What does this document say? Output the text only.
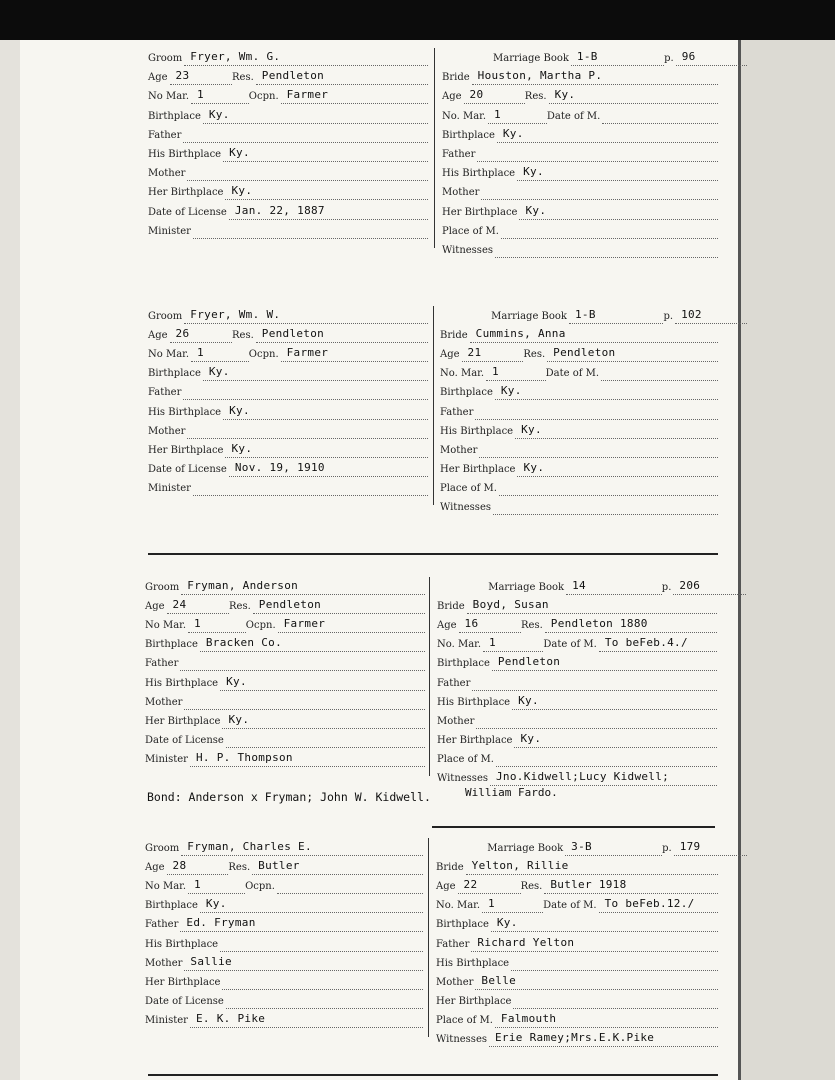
Groom Fryer, Wm. G.
Age 23	Res. Pendleton
No Mar. 1	Ocpn. Farmer
Birthplace Ky.
Father
His Birthplace Ky.
Mother
Her Birthplace Ky.
Date of License Jan. 22, 1887
Minister
Marriage Book 1-B	p. 96
Bride Houston, Martha P.
Age 20	Res. Ky.
No. Mar. 1	Date of M.
Birthplace Ky.
Father
His Birthplace Ky.
Mother
Her Birthplace Ky.
Place of M.
Witnesses
Groom Fryer, Wm. W.
Age 26	Res. Pendleton
No Mar. 1	Ocpn. Farmer
Birthplace Ky.
Father
His Birthplace Ky.
Mother
Her Birthplace Ky.
Date of License Nov. 19, 1910
Minister
Marriage Book 1-B	p. 102
Bride Cummins, Anna
Age 21	Res. Pendleton
No. Mar. 1	Date of M.
Birthplace Ky.
Father
His Birthplace Ky.
Mother
Her Birthplace Ky.
Place of M.
Witnesses
Groom Fryman, Anderson
Age 24	Res. Pendleton
No Mar. 1	Ocpn. Farmer
Birthplace Bracken Co.
Father
His Birthplace Ky.
Mother
Her Birthplace Ky.
Date of License
Minister H. P. Thompson
Marriage Book 14	p. 206
Bride Boyd, Susan
Age 16	Res. Pendleton 1880
No. Mar. 1	Date of M. To beFeb.4./
Birthplace Pendleton
Father
His Birthplace Ky.
Mother
Her Birthplace Ky.
Place of M.
Witnesses Jno.Kidwell;Lucy Kidwell;
William Fardo.
Groom Fryman, Charles E.
Age 28	Res. Butler
No Mar. 1	Ocpn.
Birthplace Ky.
Father Ed. Fryman
His Birthplace
Mother Sallie
Her Birthplace
Date of License
Minister E. K. Pike
Marriage Book 3-B	p. 179
Bride Yelton, Rillie
Age 22	Res. Butler 1918
No. Mar. 1	Date of M. To beFeb.12./
Birthplace Ky.
Father Richard Yelton
His Birthplace
Mother Belle
Her Birthplace
Place of M. Falmouth
Witnesses Erie Ramey;Mrs.E.K.Pike
Bond: Anderson x Fryman; John W. Kidwell.
